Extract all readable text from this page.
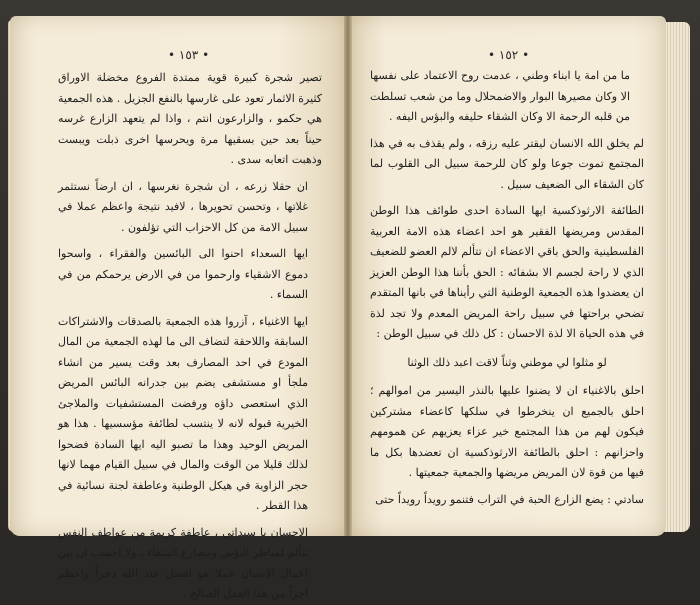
• ١٥٣ •	• ١٥٢ •

تصير شجرة كبيرة قوية ممتدة الفروع مخضلة الاوراق كثيرة الاثمار تعود على غارسها بالنفع الجزيل . هذه الجمعية هي حكمو ، والزارعون انتم ، واذا لم يتعهد الزارع غرسه حيناً بعد حين بسقيها مرة ويحرسها اخرى ذبلت ويبست وذهبت اتعابه سدى .

ان حقلا زرعه ، ان شجرة نغرسها ، ان ارضاً نستثمر غلاتها ، وتحسن تحويرها ، لافيد نتيجة واعظم عملا في سبيل الامة من كل الاحزاب التي تؤلفون .

ايها السعداء احنوا الى البائسين والفقراء ، واسحوا دموع الاشقياء وارحموا من في الارض يرحمكم من في السماء .

ايها الاغنياء ، آزروا هذه الجمعية بالصدقات والاشتراكات السابقة واللاحقة لتضاف الى ما لهذه الجمعية من المال المودع في احد المصارف بعد وقت يسير من انشاء ملجأ او مستشفى يضم بين جدرانه البائس المريض الذي استعصى داؤه ورفضت المستشفيات والملاجئ الخيرية قبوله لانه لا ينتسب لطائفة مؤسسيها . هذا هو المريض الوحيد وهذا ما تصبو اليه ايها السادة فضحوا لذلك قليلا من الوقت والمال في سبيل القيام مهما لانها حجر الزاوية في هيكل الوطنية وعاطفة لجنة نسائية في هذا القطر .

الاحسان يا سيداتي ، عاطفة كريمة من عواطف النفس تتألم لمناظر البؤس ومصارع الشقاء ، ولا احسب ان بين اعمال الانسان عملا هو افضل عند الله ذخراً واعظم اجراً من هذا العمل الصالح .

ما من امة يا ابناء وطني ، عدمت روح الاعتماد على نفسها الا وكان مصيرها البوار والاضمحلال وما من شعب تسلطت من قلبه الرحمة الا وكان الشقاء حليفه والبؤس اليفه .

لم يخلق الله الانسان ليقتر عليه رزقه ، ولم يقذف به في هذا المجتمع تموت جوعا ولو كان للرحمة سبيل الى القلوب لما كان الشقاء الى الضعيف سبيل .

الطائفة الارثوذكسية ايها السادة احدى طوائف هذا الوطن المقدس ومريضها الفقير هو احد اعضاء هذه الامة العربية الفلسطينية والحق باقي الاعضاء ان تتألم لالم العضو للضعيف الذي لا راحة لجسم الا بشفائه : الحق بأننا هذا الوطن العزيز ان يعضدوا هذه الجمعية الوطنية التي رأيناها في بانها المتقدم تضحي براحتها في سبيل راحة المريض المعدم ولا تجد لذة في هذه الحياة الا لذة الاحسان : كل ذلك في سبيل الوطن :

لو مثلوا لي موطني وثناً لاقت اعبد ذلك الوثنا

احلق بالاغنياء ان لا يضنوا عليها بالنذر اليسير من اموالهم ؛ احلق بالجميع ان ينخرطوا في سلكها كاعضاء مشتركين فيكون لهم من هذا المجتمع خير عزاء يعزيهم عن همومهم واحزانهم : احلق بالطائفة الارثوذكسية ان تعضدها بكل ما فيها من قوة لان المريض مريضها والجمعية جمعيتها .

سادتي : يضع الزارع الحبة في التراب فتنمو رويداً رويداً حتى
